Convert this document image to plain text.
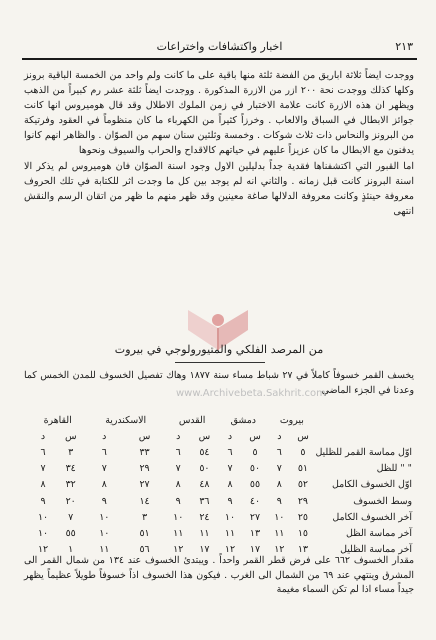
٢١٣
اخبار واكتشافات واختراعات

ووجدت ايضاً ثلاثة اباريق من الفضة ثلثة منها باقية على ما كانت ولم واحد من الخمسة الباقية برونز وكلها كذلك ووجدت نحة ٢٠٠ ازر من الازرة المذكورة . ووجدت ايضاً ثلثة عشر رم كبيراً من الذهب ويظهر ان هذه الازرة كانت علامة الاختبار في زمن الملوك الاطلال وقد قال هوميروس انها كانت جوائز الابطال في السباق والالعاب . وخرزاً كثيراً من الكهرباء ما كان منظوماً في العقود وفرتيكة من البرونز والنحاس ذات ثلاث شوكات . وخمسة وثلثين سنان سهم من الصوّان . والظاهر انهم كانوا يدفنون مع الابطال ما كان عزيزاً عليهم في حياتهم كالاقداح والحراب والسيوف ونحوها

اما القبور التي اكتشفناها فقدية جداً بدليلين الاول وجود اسنة الصوّان فان هوميروس لم يذكر الا اسنة البرونز كانت قبل زمانه . والثاني انه لم يوجد بين كل ما وجدت اثر للكتابة في تلك الحروف معروفة حينئذٍ وكانت معروفة الدلالها صاغة معينين وقد ظهر منهم ما ظهر من اتقان الرسم والنقش انتهى

من المرصد الفلكي والمتيورولوجي في بيروت
يخسف القمر خسوفاً كاملاً في ٢٧ شباط مساء سنة ١٨٧٧ وهاك تفصيل الخسوف للمدن الخمس كما وعدنا في الجزء الماضي
	بيروت		دمشق		القدس		الاسكندرية		القاهرة	
	س	د	س	د	س	د	س	د	س	د
اوّل مماسة القمر للظليل	٥	٦	٥	٦	٥٤	٦	٣٣	٦	٣	٦
" " للظل	٥١	٧	٥٠	٧	٥٠	٧	٢٩	٧	٣٤	٧
اوّل الخسوف الكامل	٥٢	٨	٥٥	٨	٤٨	٨	٢٧	٨	٣٢	٨
وسط الخسوف	٢٩	٩	٤٠	٩	٣٦	٩	١٤	٩	٢٠	٩
آخر الخسوف الكامل	٢٥	١٠	٢٧	١٠	٢٤	١٠	٣	١٠	٧	١٠
آخر مماسة الظل	١٥	١١	١٣	١١	١١	١١	٥١	١٠	٥٥	١٠
آخر مماسة الظليل	١٣	١٢	١٧	١٢	١٧	١٢	٥٦	١١	١	١٢
www.Archivebeta.Sakhrit.com
مقدار الخسوف ٦٦٢ على فرض قطر القمر واحداً . ويبتدئ الخسوف عند ١٣٤ من شمال القمر الى المشرق وينتهي عند ٦٩ من الشمال الى الغرب . فيكون هذا الخسوف اذاً خسوفاً طويلاً عظيماً يظهر جيداً مساء اذا لم تكن السماء مغيمة
